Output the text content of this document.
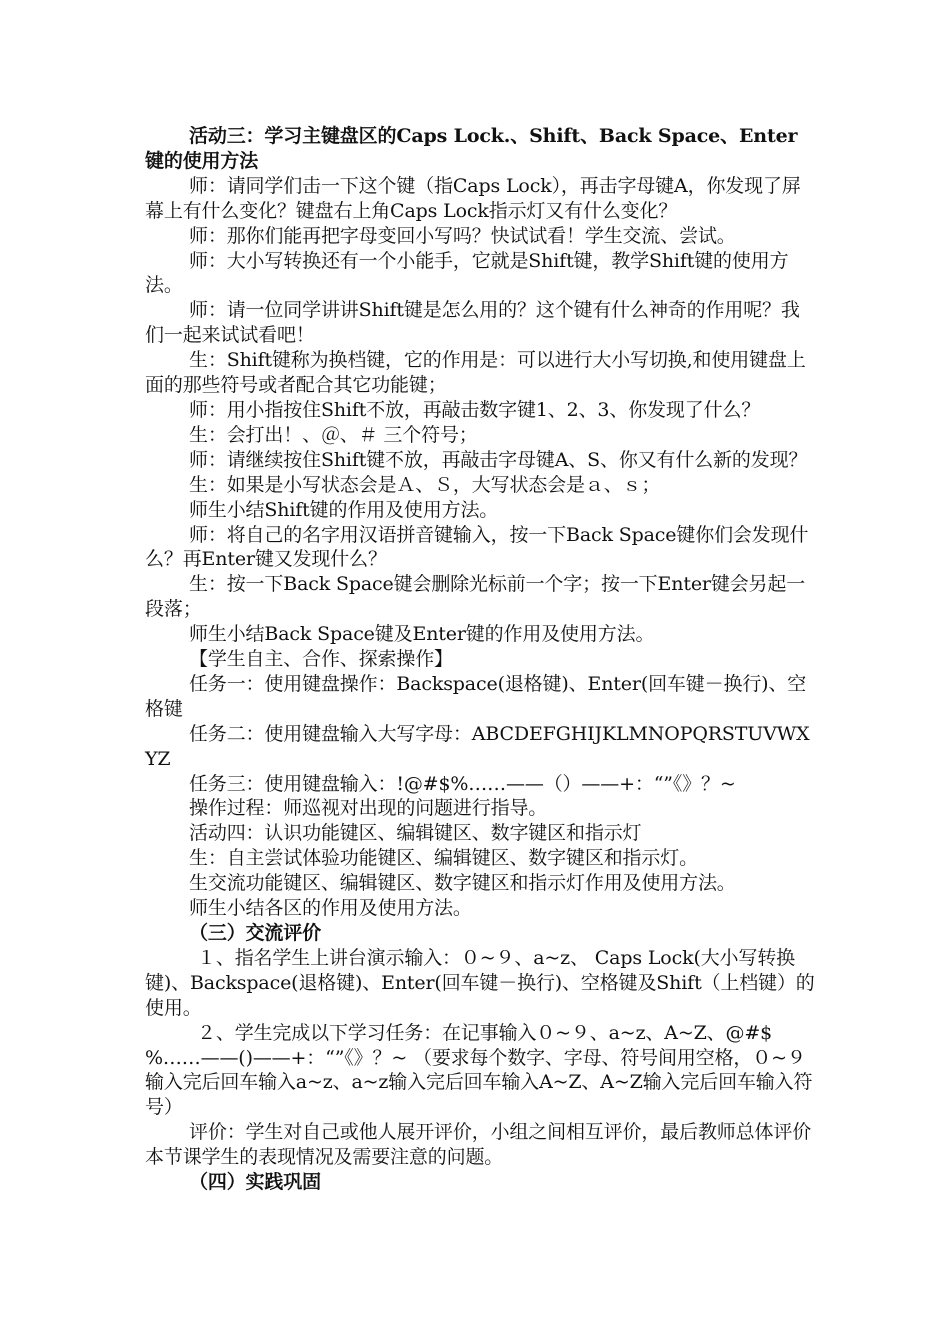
活动三：学习主键盘区的Caps Lock.、Shift、Back Space、Enter键的使用方法

师：请同学们击一下这个键（指Caps Lock），再击字母键A，你发现了屏幕上有什么变化？键盘右上角Caps Lock指示灯又有什么变化？

师：那你们能再把字母变回小写吗？快试试看！学生交流、尝试。

师：大小写转换还有一个小能手，它就是Shift键，教学Shift键的使用方法。

师：请一位同学讲讲Shift键是怎么用的？这个键有什么神奇的作用呢？我们一起来试试看吧！

生：Shift键称为换档键，它的作用是：可以进行大小写切换,和使用键盘上面的那些符号或者配合其它功能键；

师：用小指按住Shift不放，再敲击数字键1、2、3、你发现了什么？

生：会打出！、＠、＃ 三个符号；

师：请继续按住Shift键不放，再敲击字母键A、S、你又有什么新的发现？

生：如果是小写状态会是Ａ、Ｓ，大写状态会是ａ、ｓ；

师生小结Shift键的作用及使用方法。

师：将自己的名字用汉语拼音键输入，按一下Back Space键你们会发现什么？再Enter键又发现什么？

生：按一下Back Space键会删除光标前一个字；按一下Enter键会另起一段落；

师生小结Back Space键及Enter键的作用及使用方法。

【学生自主、合作、探索操作】

任务一：使用键盘操作：Backspace(退格键)、Enter(回车键－换行)、空格键

任务二：使用键盘输入大写字母：ABCDEFGHIJKLMNOPQRSTUVWXYZ

任务三：使用键盘输入：!@#$%……——（）——+：“”《》？~

操作过程：师巡视对出现的问题进行指导。

活动四：认识功能键区、编辑键区、数字键区和指示灯

生：自主尝试体验功能键区、编辑键区、数字键区和指示灯。

生交流功能键区、编辑键区、数字键区和指示灯作用及使用方法。

师生小结各区的作用及使用方法。

（三）交流评价

１、指名学生上讲台演示输入：０~９、a~z、 Caps Lock(大小写转换键)、Backspace(退格键)、Enter(回车键－换行)、空格键及Shift（上档键）的使用。

２、学生完成以下学习任务：在记事输入０~９、a~z、A~Z、@#$%……——()——+：“”《》？~ （要求每个数字、字母、符号间用空格，０~９输入完后回车输入a~z、a~z输入完后回车输入A~Z、A~Z输入完后回车输入符号）

评价：学生对自己或他人展开评价，小组之间相互评价，最后教师总体评价本节课学生的表现情况及需要注意的问题。

（四）实践巩固
